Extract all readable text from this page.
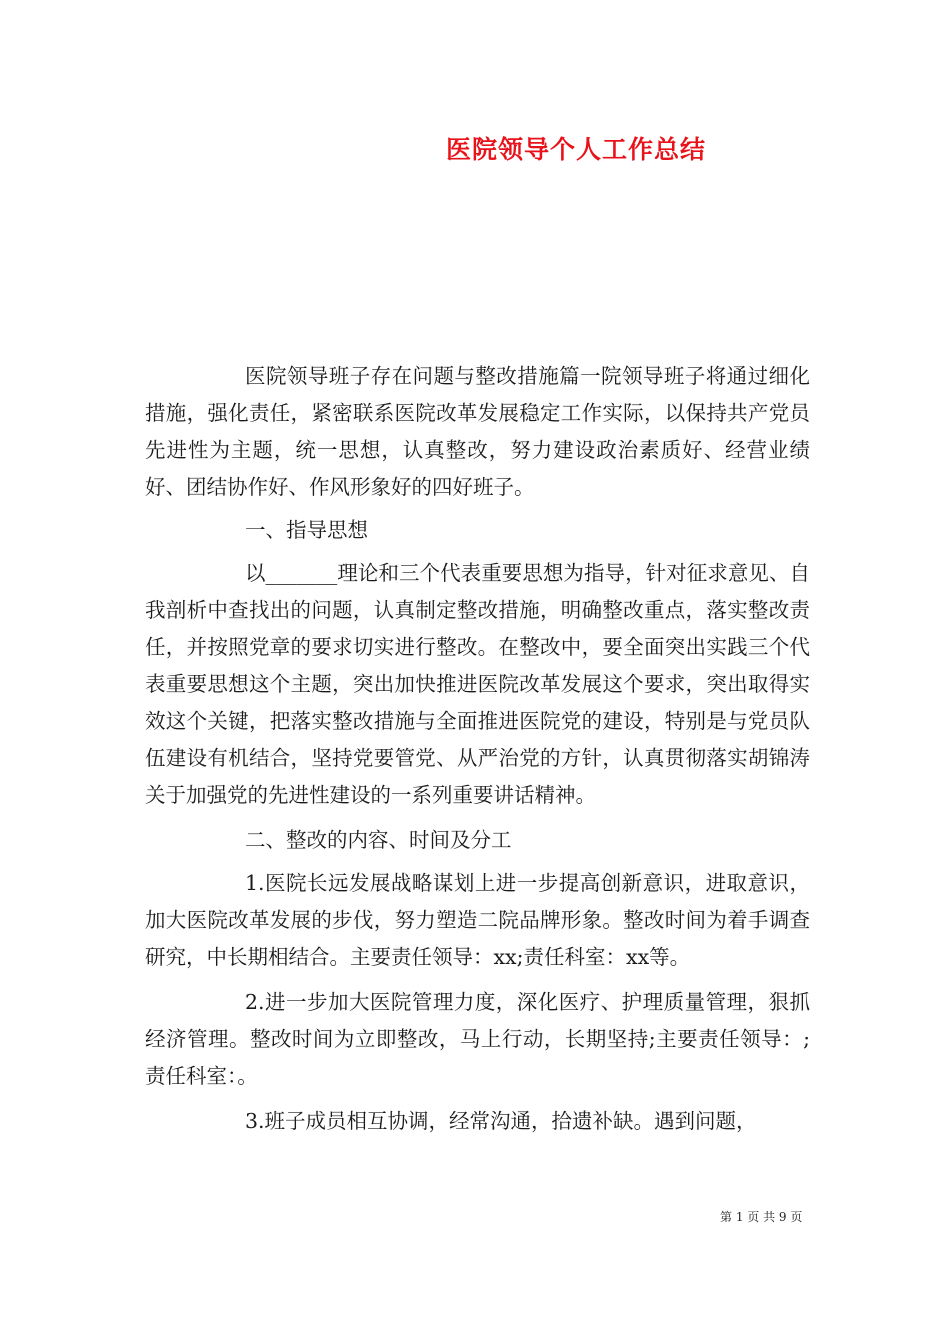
医院领导个人工作总结

医院领导班子存在问题与整改措施篇一院领导班子将通过细化措施，强化责任，紧密联系医院改革发展稳定工作实际，以保持共产党员先进性为主题，统一思想，认真整改，努力建设政治素质好、经营业绩好、团结协作好、作风形象好的四好班子。

一、指导思想

以_______理论和三个代表重要思想为指导，针对征求意见、自我剖析中查找出的问题，认真制定整改措施，明确整改重点，落实整改责任，并按照党章的要求切实进行整改。在整改中，要全面突出实践三个代表重要思想这个主题，突出加快推进医院改革发展这个要求，突出取得实效这个关键，把落实整改措施与全面推进医院党的建设，特别是与党员队伍建设有机结合，坚持党要管党、从严治党的方针，认真贯彻落实胡锦涛关于加强党的先进性建设的一系列重要讲话精神。

二、整改的内容、时间及分工

1.医院长远发展战略谋划上进一步提高创新意识，进取意识，加大医院改革发展的步伐，努力塑造二院品牌形象。整改时间为着手调查研究，中长期相结合。主要责任领导：xx;责任科室：xx等。

2.进一步加大医院管理力度，深化医疗、护理质量管理，狠抓经济管理。整改时间为立即整改，马上行动，长期坚持;主要责任领导：;责任科室：。

3.班子成员相互协调，经常沟通，拾遗补缺。遇到问题，

第 1 页 共 9 页
